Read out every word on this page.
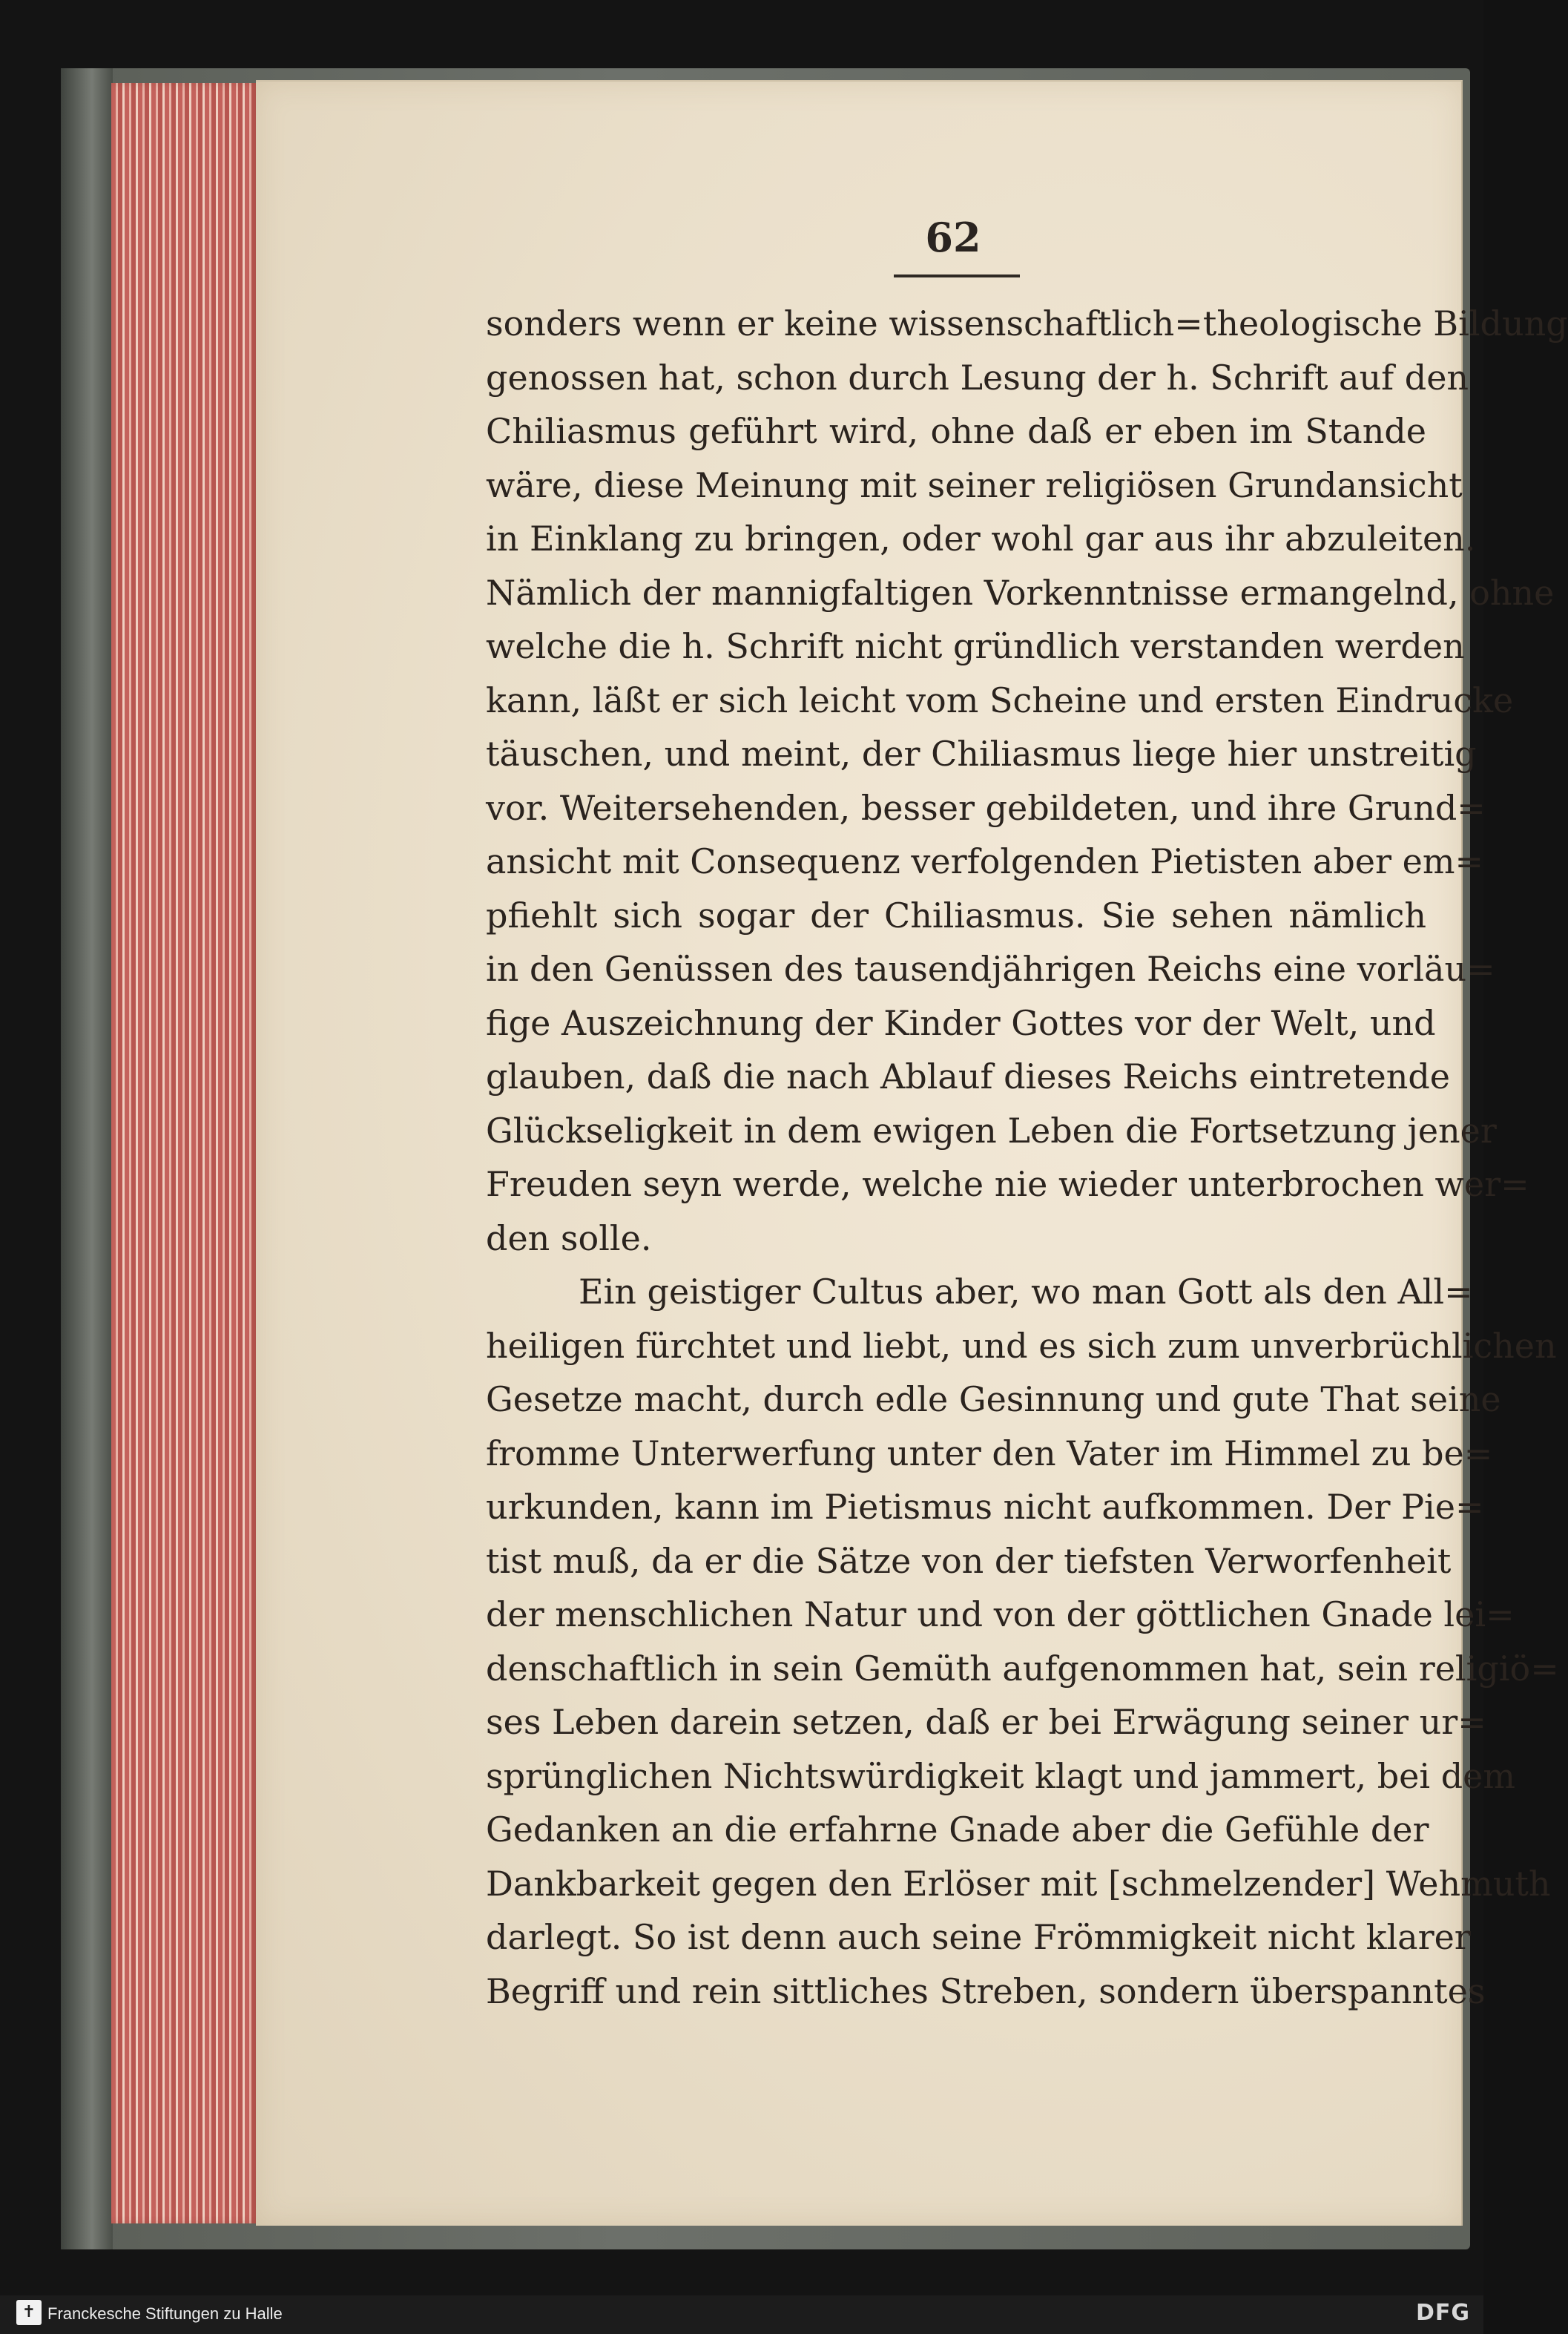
62

sonders wenn er keine wissenschaftlich=theologische Bildung
genossen hat, schon durch Lesung der h. Schrift auf den
Chiliasmus geführt wird, ohne daß er eben im Stande
wäre, diese Meinung mit seiner religiösen Grundansicht
in Einklang zu bringen, oder wohl gar aus ihr abzuleiten.
Nämlich der mannigfaltigen Vorkenntnisse ermangelnd, ohne
welche die h. Schrift nicht gründlich verstanden werden
kann, läßt er sich leicht vom Scheine und ersten Eindrucke
täuschen, und meint, der Chiliasmus liege hier unstreitig
vor. Weitersehenden, besser gebildeten, und ihre Grund=
ansicht mit Consequenz verfolgenden Pietisten aber em=
pfiehlt sich sogar der Chiliasmus. Sie sehen nämlich
in den Genüssen des tausendjährigen Reichs eine vorläu=
fige Auszeichnung der Kinder Gottes vor der Welt, und
glauben, daß die nach Ablauf dieses Reichs eintretende
Glückseligkeit in dem ewigen Leben die Fortsetzung jener
Freuden seyn werde, welche nie wieder unterbrochen wer=
den solle.
Ein geistiger Cultus aber, wo man Gott als den All=
heiligen fürchtet und liebt, und es sich zum unverbrüchlichen
Gesetze macht, durch edle Gesinnung und gute That seine
fromme Unterwerfung unter den Vater im Himmel zu be=
urkunden, kann im Pietismus nicht aufkommen. Der Pie=
tist muß, da er die Sätze von der tiefsten Verworfenheit
der menschlichen Natur und von der göttlichen Gnade lei=
denschaftlich in sein Gemüth aufgenommen hat, sein religiö=
ses Leben darein setzen, daß er bei Erwägung seiner ur=
sprünglichen Nichtswürdigkeit klagt und jammert, bei dem
Gedanken an die erfahrne Gnade aber die Gefühle der
Dankbarkeit gegen den Erlöser mit [schmelzender] Wehmuth
darlegt. So ist denn auch seine Frömmigkeit nicht klarer
Begriff und rein sittliches Streben, sondern überspanntes
✝ Franckesche Stiftungen zu Halle	DFG
